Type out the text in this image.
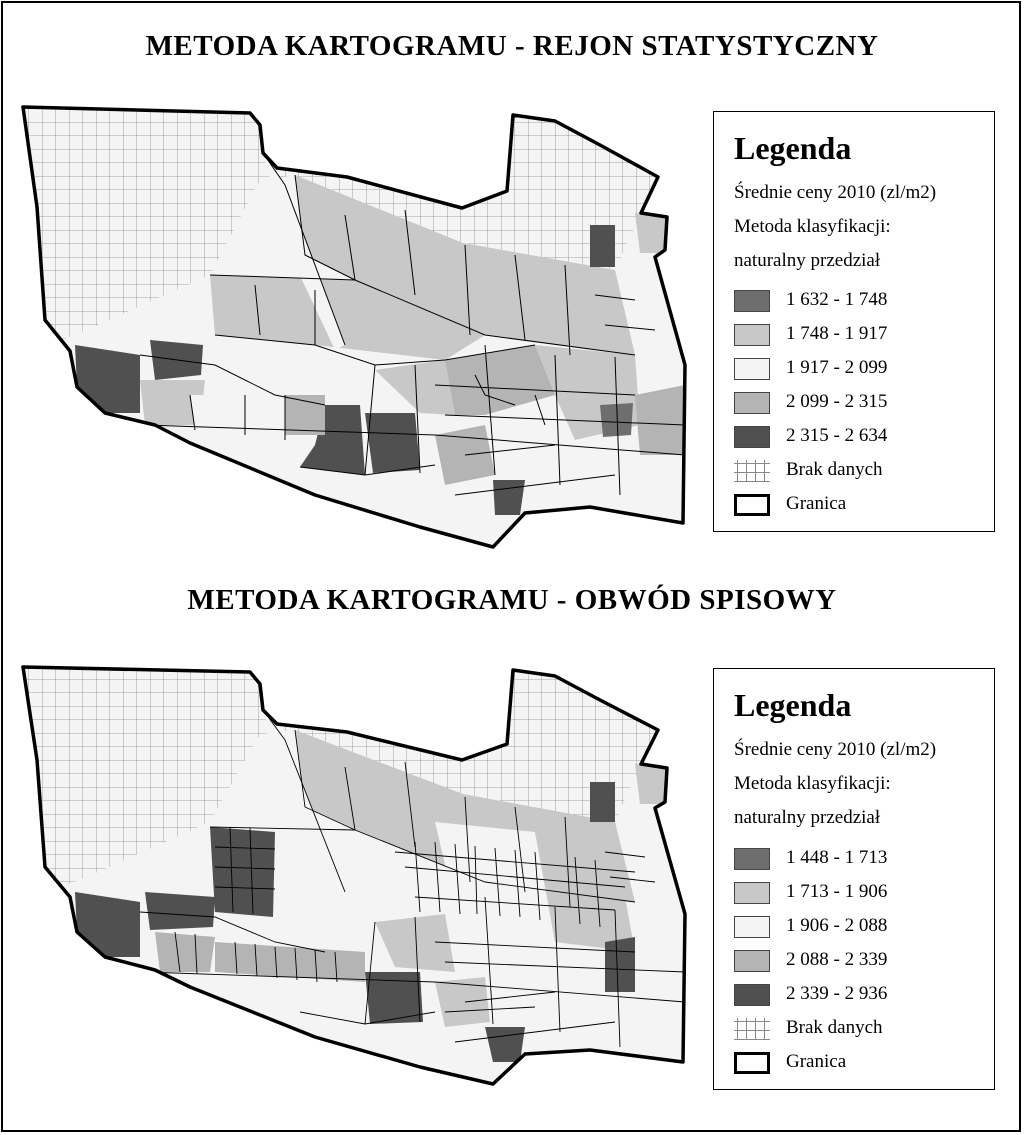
METODA KARTOGRAMU - REJON STATYSTYCZNY
Legenda
Średnie ceny 2010 (zl/m2)
Metoda klasyfikacji:
naturalny przedział
1 632 - 1 748
1 748 - 1 917
1 917 - 2 099
2 099 - 2 315
2 315 - 2 634
Brak danych
Granica
METODA KARTOGRAMU - OBWÓD SPISOWY
Legenda
Średnie ceny 2010 (zl/m2)
Metoda klasyfikacji:
naturalny przedział
1 448 - 1 713
1 713 - 1 906
1 906 - 2 088
2 088 - 2 339
2 339 - 2 936
Brak danych
Granica
